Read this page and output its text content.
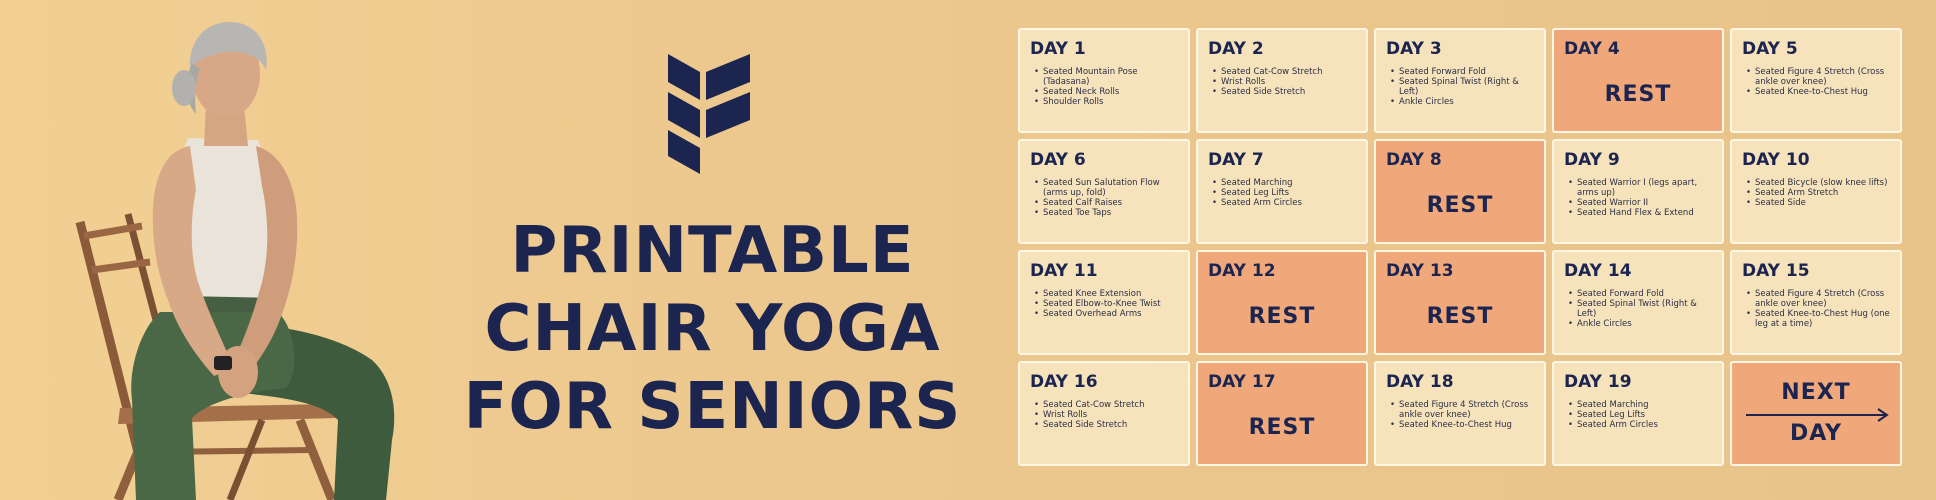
PRINTABLE
CHAIR YOGA
FOR SENIORS
DAY 1
• Seated Mountain Pose (Tadasana)
• Seated Neck Rolls
• Shoulder Rolls
DAY 2
• Seated Cat-Cow Stretch
• Wrist Rolls
• Seated Side Stretch
DAY 3
• Seated Forward Fold
• Seated Spinal Twist (Right & Left)
• Ankle Circles
DAY 4
REST
DAY 5
• Seated Figure 4 Stretch (Cross ankle over knee)
• Seated Knee-to-Chest Hug
DAY 6
• Seated Sun Salutation Flow (arms up, fold)
• Seated Calf Raises
• Seated Toe Taps
DAY 7
• Seated Marching
• Seated Leg Lifts
• Seated Arm Circles
DAY 8
REST
DAY 9
• Seated Warrior I (legs apart, arms up)
• Seated Warrior II
• Seated Hand Flex & Extend
DAY 10
• Seated Bicycle (slow knee lifts)
• Seated Arm Stretch
• Seated Side
DAY 11
• Seated Knee Extension
• Seated Elbow-to-Knee Twist
• Seated Overhead Arms
DAY 12
REST
DAY 13
REST
DAY 14
• Seated Forward Fold
• Seated Spinal Twist (Right & Left)
• Ankle Circles
DAY 15
• Seated Figure 4 Stretch (Cross ankle over knee)
• Seated Knee-to-Chest Hug (one leg at a time)
DAY 16
• Seated Cat-Cow Stretch
• Wrist Rolls
• Seated Side Stretch
DAY 17
REST
DAY 18
• Seated Figure 4 Stretch (Cross ankle over knee)
• Seated Knee-to-Chest Hug
DAY 19
• Seated Marching
• Seated Leg Lifts
• Seated Arm Circles
NEXT
DAY
